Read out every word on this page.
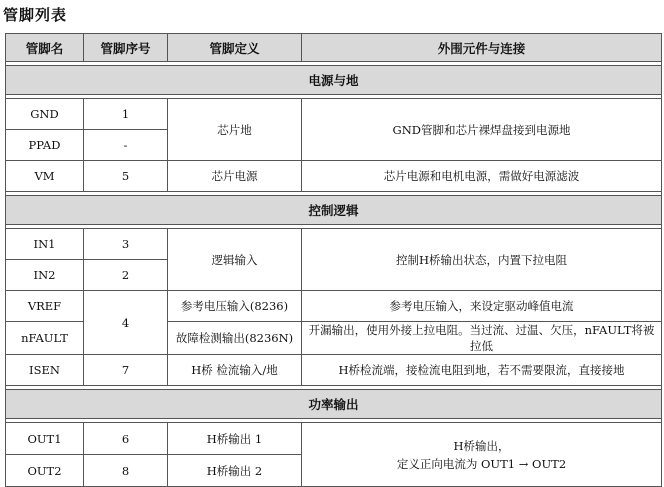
管脚列表
管脚名	管脚序号	管脚定义	外围元件与连接

电源与地			

GND	1	芯片地	GND管脚和芯片裸焊盘接到电源地
PPAD	-		
VM	5	芯片电源	芯片电源和电机电源，需做好电源滤波

控制逻辑			

IN1	3	逻辑输入	控制H桥输出状态，内置下拉电阻
IN2	2		
VREF	4	参考电压输入(8236)	参考电压输入，来设定驱动峰值电流
nFAULT		故障检测输出(8236N)	开漏输出，使用外接上拉电阻。当过流、过温、欠压，nFAULT将被拉低
ISEN	7	H桥 检流输入/地	H桥检流端，接检流电阻到地，若不需要限流，直接接地

功率输出			

OUT1	6	H桥输出 1	H桥输出，
定义正向电流为 OUT1 → OUT2

OUT2	8	H桥输出 2	
